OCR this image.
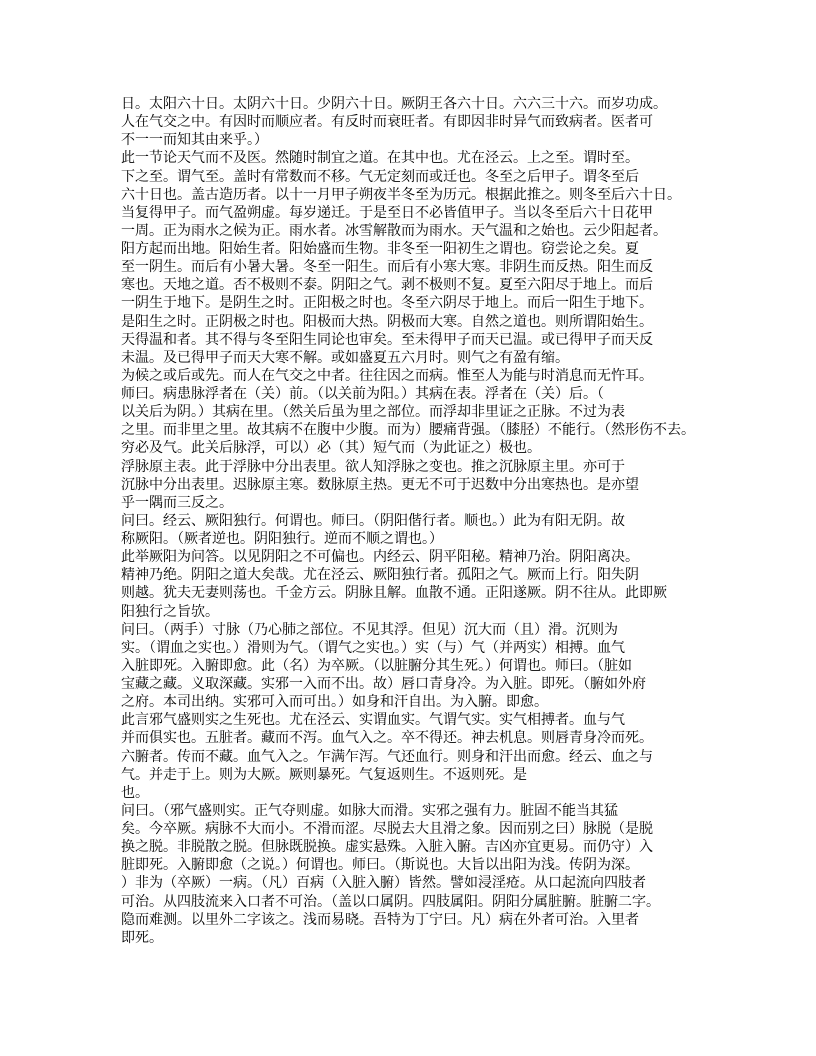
日。太阳六十日。太阴六十日。少阴六十日。厥阴王各六十日。六六三十六。而岁功成。
人在气交之中。有因时而顺应者。有反时而衰旺者。有即因非时异气而致病者。医者可
不一一而知其由来乎。）
此一节论天气而不及医。然随时制宜之道。在其中也。尤在泾云。上之至。谓时至。
下之至。谓气至。盖时有常数而不移。气无定刻而或迁也。冬至之后甲子。谓冬至后
六十日也。盖古造历者。以十一月甲子朔夜半冬至为历元。根据此推之。则冬至后六十日。
当复得甲子。而气盈朔虚。每岁递迁。于是至日不必皆值甲子。当以冬至后六十日花甲
一周。正为雨水之候为正。雨水者。冰雪解散而为雨水。天气温和之始也。云少阳起者。
阳方起而出地。阳始生者。阳始盛而生物。非冬至一阳初生之谓也。窃尝论之矣。夏
至一阴生。而后有小暑大暑。冬至一阳生。而后有小寒大寒。非阴生而反热。阳生而反
寒也。天地之道。否不极则不泰。阴阳之气。剥不极则不复。夏至六阳尽于地上。而后
一阴生于地下。是阴生之时。正阳极之时也。冬至六阴尽于地上。而后一阳生于地下。
是阳生之时。正阴极之时也。阳极而大热。阴极而大寒。自然之道也。则所谓阳始生。
天得温和者。其不得与冬至阳生同论也审矣。至未得甲子而天已温。或已得甲子而天反
未温。及已得甲子而天大寒不解。或如盛夏五六月时。则气之有盈有缩。
为候之或后或先。而人在气交之中者。往往因之而病。惟至人为能与时消息而无忤耳。
师曰。病患脉浮者在（关）前。（以关前为阳。）其病在表。浮者在（关）后。（
以关后为阴。）其病在里。（然关后虽为里之部位。而浮却非里证之正脉。不过为表
之里。而非里之里。故其病不在腹中少腹。而为）腰痛背强。（膝胫）不能行。（然形伤不去。
穷必及气。此关后脉浮，可以）必（其）短气而（为此证之）极也。
浮脉原主表。此于浮脉中分出表里。欲人知浮脉之变也。推之沉脉原主里。亦可于
沉脉中分出表里。迟脉原主寒。数脉原主热。更无不可于迟数中分出寒热也。是亦望
乎一隅而三反之。
问曰。经云、厥阳独行。何谓也。师曰。（阴阳偕行者。顺也。）此为有阳无阴。故
称厥阳。（厥者逆也。阴阳独行。逆而不顺之谓也。）
此举厥阳为问答。以见阴阳之不可偏也。内经云、阴平阳秘。精神乃治。阴阳离决。
精神乃绝。阴阳之道大矣哉。尤在泾云、厥阳独行者。孤阳之气。厥而上行。阳失阴
则越。犹夫无妻则荡也。千金方云。阴脉且解。血散不通。正阳遂厥。阴不往从。此即厥
阳独行之旨欤。
问曰。（两手）寸脉（乃心肺之部位。不见其浮。但见）沉大而（且）滑。沉则为
实。（谓血之实也。）滑则为气。（谓气之实也。）实（与）气（并两实）相搏。血气
入脏即死。入腑即愈。此（名）为卒厥。（以脏腑分其生死。）何谓也。师曰。（脏如
宝藏之藏。义取深藏。实邪一入而不出。故）唇口青身冷。为入脏。即死。（腑如外府
之府。本司出纳。实邪可入而可出。）如身和汗自出。为入腑。即愈。
此言邪气盛则实之生死也。尤在泾云、实谓血实。气谓气实。实气相搏者。血与气
并而俱实也。五脏者。藏而不泻。血气入之。卒不得还。神去机息。则唇青身冷而死。
六腑者。传而不藏。血气入之。乍满乍泻。气还血行。则身和汗出而愈。经云、血之与
气。并走于上。则为大厥。厥则暴死。气复返则生。不返则死。是
也。
问曰。（邪气盛则实。正气夺则虚。如脉大而滑。实邪之强有力。脏固不能当其猛
矣。今卒厥。病脉不大而小。不滑而涩。尽脱去大且滑之象。因而别之曰）脉脱（是脱
换之脱。非脱散之脱。但脉既脱换。虚实悬殊。入脏入腑。吉凶亦宜更易。而仍守）入
脏即死。入腑即愈（之说。）何谓也。师曰。（斯说也。大旨以出阳为浅。传阴为深。
）非为（卒厥）一病。（凡）百病（入脏入腑）皆然。譬如浸淫疮。从口起流向四肢者
可治。从四肢流来入口者不可治。（盖以口属阴。四肢属阳。阴阳分属脏腑。脏腑二字。
隐而难测。以里外二字该之。浅而易晓。吾特为丁宁曰。凡）病在外者可治。入里者
即死。
